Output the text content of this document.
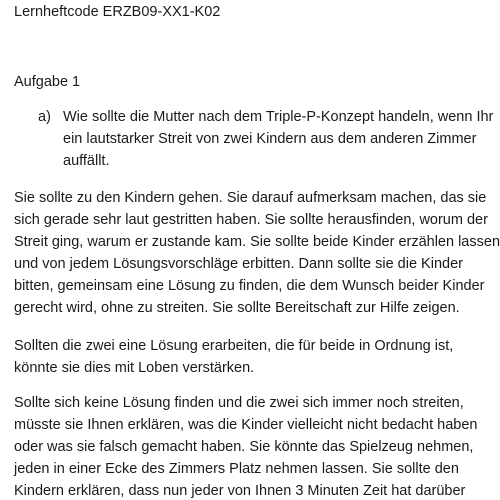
Lernheftcode ERZB09-XX1-K02
Aufgabe 1
a) Wie sollte die Mutter nach dem Triple-P-Konzept handeln, wenn Ihr
ein lautstarker Streit von zwei Kindern aus dem anderen Zimmer
auffällt.
Sie sollte zu den Kindern gehen. Sie darauf aufmerksam machen, das sie
sich gerade sehr laut gestritten haben. Sie sollte herausfinden, worum der
Streit ging, warum er zustande kam. Sie sollte beide Kinder erzählen lassen
und von jedem Lösungsvorschläge erbitten. Dann sollte sie die Kinder
bitten, gemeinsam eine Lösung zu finden, die dem Wunsch beider Kinder
gerecht wird, ohne zu streiten. Sie sollte Bereitschaft zur Hilfe zeigen.
Sollten die zwei eine Lösung erarbeiten, die für beide in Ordnung ist,
könnte sie dies mit Loben verstärken.
Sollte sich keine Lösung finden und die zwei sich immer noch streiten,
müsste sie Ihnen erklären, was die Kinder vielleicht nicht bedacht haben
oder was sie falsch gemacht haben. Sie könnte das Spielzeug nehmen,
jeden in einer Ecke des Zimmers Platz nehmen lassen. Sie sollte den
Kindern erklären, dass nun jeder von Ihnen 3 Minuten Zeit hat darüber
